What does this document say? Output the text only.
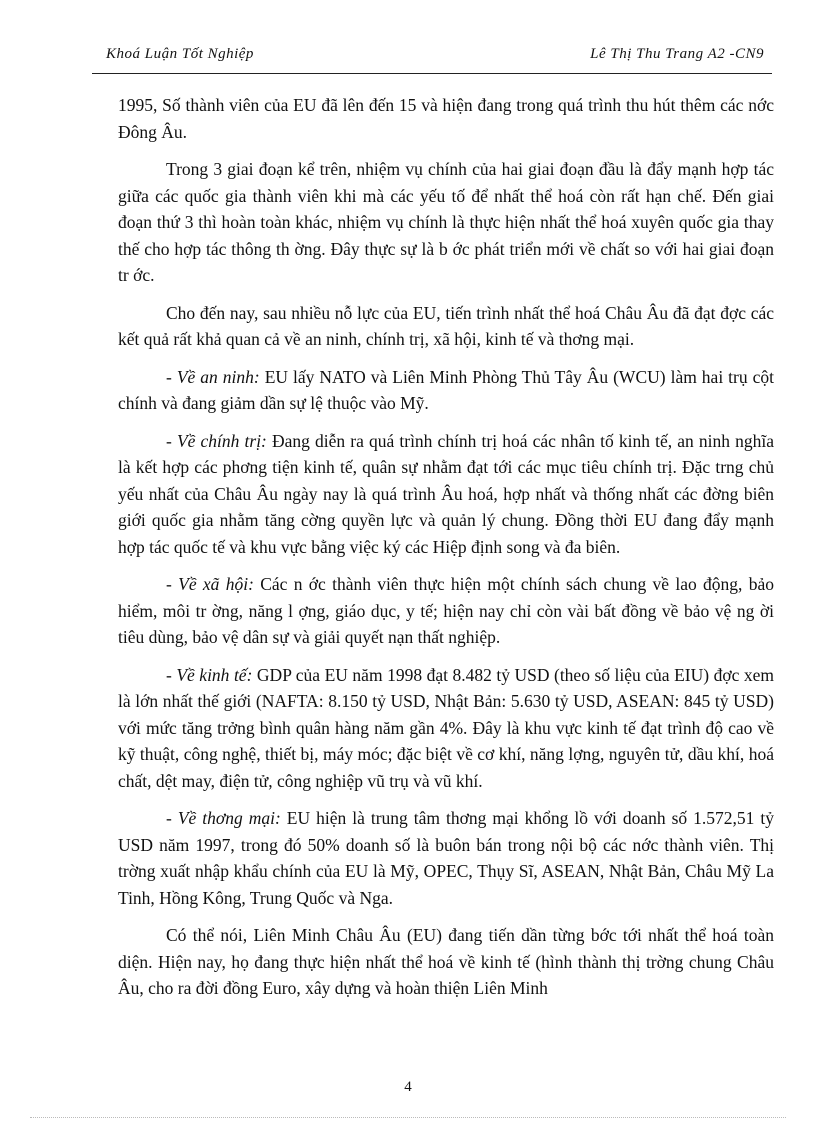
Khoá Luận Tốt Nghiệp	Lê Thị Thu Trang A2 -CN9

1995, Số thành viên của EU đã lên đến 15 và hiện đang trong quá trình thu hút thêm các nớc Đông Âu.

Trong 3 giai đoạn kể trên, nhiệm vụ chính của hai giai đoạn đầu là đẩy mạnh hợp tác giữa các quốc gia thành viên khi mà các yếu tố để nhất thể hoá còn rất hạn chế. Đến giai đoạn thứ 3 thì hoàn toàn khác, nhiệm vụ chính là thực hiện nhất thể hoá xuyên quốc gia thay thế cho hợp tác thông th ờng. Đây thực sự là b ớc phát triển mới về chất so với hai giai đoạn tr ớc.

Cho đến nay, sau nhiều nỗ lực của EU, tiến trình nhất thể hoá Châu Âu đã đạt đợc các kết quả rất khả quan cả về an ninh, chính trị, xã hội, kinh tế và thơng mại.

- Về an ninh: EU lấy NATO và Liên Minh Phòng Thủ Tây Âu (WCU) làm hai trụ cột chính và đang giảm dần sự lệ thuộc vào Mỹ.

- Về chính trị: Đang diễn ra quá trình chính trị hoá các nhân tố kinh tế, an ninh nghĩa là kết hợp các phơng tiện kinh tế, quân sự nhằm đạt tới các mục tiêu chính trị. Đặc trng chủ yếu nhất của Châu Âu ngày nay là quá trình Âu hoá, hợp nhất và thống nhất các đờng biên giới quốc gia nhằm tăng cờng quyền lực và quản lý chung. Đồng thời EU đang đẩy mạnh hợp tác quốc tế và khu vực bằng việc ký các Hiệp định song và đa biên.

- Về xã hội: Các n ớc thành viên thực hiện một chính sách chung về lao động, bảo hiểm, môi tr ờng, năng l ợng, giáo dục, y tế; hiện nay chỉ còn vài bất đồng về bảo vệ ng ời tiêu dùng, bảo vệ dân sự và giải quyết nạn thất nghiệp.

- Về kinh tế: GDP của EU năm 1998 đạt 8.482 tỷ USD (theo số liệu của EIU) đợc xem là lớn nhất thế giới (NAFTA: 8.150 tỷ USD, Nhật Bản: 5.630 tỷ USD, ASEAN: 845 tỷ USD) với mức tăng trởng bình quân hàng năm gần 4%. Đây là khu vực kinh tế đạt trình độ cao về kỹ thuật, công nghệ, thiết bị, máy móc; đặc biệt về cơ khí, năng lợng, nguyên tử, dầu khí, hoá chất, dệt may, điện tử, công nghiệp vũ trụ và vũ khí.

- Về thơng mại: EU hiện là trung tâm thơng mại khổng lồ với doanh số 1.572,51 tỷ USD năm 1997, trong đó 50% doanh số là buôn bán trong nội bộ các nớc thành viên. Thị trờng xuất nhập khẩu chính của EU là Mỹ, OPEC, Thụy Sĩ, ASEAN, Nhật Bản, Châu Mỹ La Tinh, Hồng Kông, Trung Quốc và Nga.

Có thể nói, Liên Minh Châu Âu (EU) đang tiến dần từng bớc tới nhất thể hoá toàn diện. Hiện nay, họ đang thực hiện nhất thể hoá về kinh tế (hình thành thị trờng chung Châu Âu, cho ra đời đồng Euro, xây dựng và hoàn thiện Liên Minh

4
